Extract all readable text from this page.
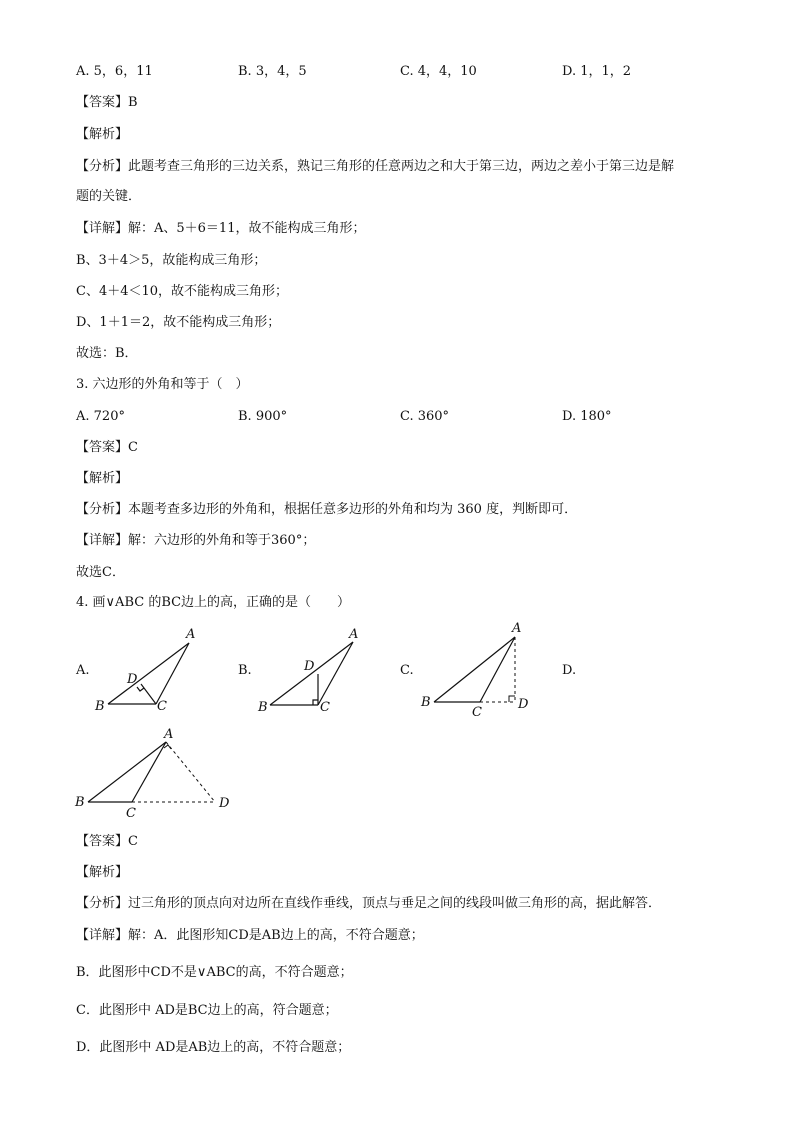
A. 5，6，11	B. 3，4，5	C. 4，4，10	D. 1，1，2
【答案】B
【解析】
【分析】此题考查三角形的三边关系，熟记三角形的任意两边之和大于第三边，两边之差小于第三边是解
题的关键．
【详解】解：A、5＋6＝11，故不能构成三角形；
B、3＋4＞5，故能构成三角形；
C、4＋4＜10，故不能构成三角形；
D、1＋1＝2，故不能构成三角形；
故选：B．
3. 六边形的外角和等于（　）
A. 720°	B. 900°	C. 360°	D. 180°
【答案】C
【解析】
【分析】本题考查多边形的外角和，根据任意多边形的外角和均为 360 度，判断即可．
【详解】解：六边形的外角和等于360°；
故选C．
4. 画∨ABC 的BC边上的高，正确的是（　　）
A.	B.	C.	D.
A
B	C
D
A
B	C
D
A
B
C
D
A
B
C
D
【答案】C
【解析】
【分析】过三角形的顶点向对边所在直线作垂线，顶点与垂足之间的线段叫做三角形的高，据此解答．
【详解】解：A．此图形知CD是AB边上的高，不符合题意；
B．此图形中CD不是∨ABC的高，不符合题意；
C．此图形中 AD是BC边上的高，符合题意；
D．此图形中 AD是AB边上的高，不符合题意；
